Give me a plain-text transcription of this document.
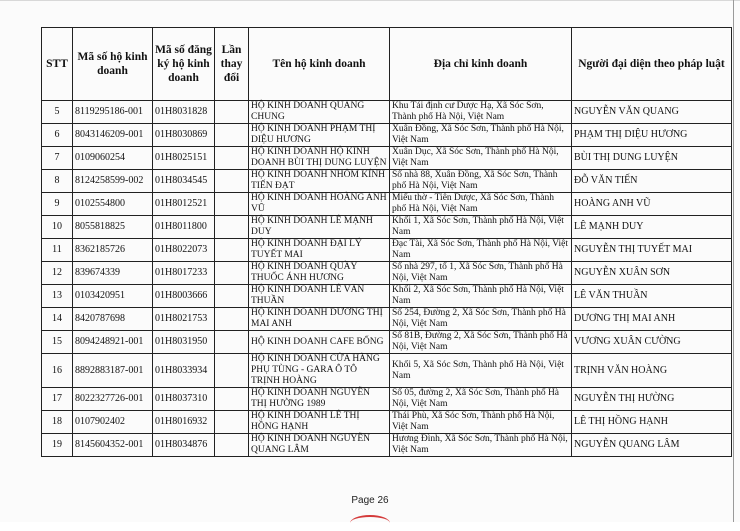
STT	Mã số hộ kinh doanh	Mã số đăng ký hộ kinh doanh	Lần thay đổi	Tên hộ kinh doanh	Địa chỉ kinh doanh	Người đại diện theo pháp luật
5	8119295186-001	01H8031828		HỘ KINH DOANH QUANG CHUNG	Khu Tái định cư Dược Hạ, Xã Sóc Sơn, Thành phố Hà Nội, Việt Nam	NGUYỄN VĂN QUANG
6	8043146209-001	01H8030869		HỘ KINH DOANH PHẠM THỊ DIỆU HƯƠNG	Xuân Đồng, Xã Sóc Sơn, Thành phố Hà Nội, Việt Nam	PHẠM THỊ DIỆU HƯƠNG
7	0109060254	01H8025151		HỘ KINH DOANH HỘ KINH DOANH BÙI THỊ DUNG LUYỆN	Xuân Dục, Xã Sóc Sơn, Thành phố Hà Nội, Việt Nam	BÙI THỊ DUNG LUYỆN
8	8124258599-002	01H8034545		HỘ KINH DOANH NHÔM KÍNH TIẾN ĐẠT	Số nhà 88, Xuân Đồng, Xã Sóc Sơn, Thành phố Hà Nội, Việt Nam	ĐỖ VĂN TIẾN
9	0102554800	01H8012521		HỘ KINH DOANH HOÀNG ANH VŨ	Miếu thờ - Tiên Dược, Xã Sóc Sơn, Thành phố Hà Nội, Việt Nam	HOÀNG ANH VŨ
10	8055818825	01H8011800		HỘ KINH DOANH LÊ MẠNH DUY	Khối 1, Xã Sóc Sơn, Thành phố Hà Nội, Việt Nam	LÊ MẠNH DUY
11	8362185726	01H8022073		HỘ KINH DOANH ĐẠI LÝ TUYẾT MAI	Đạc Tài, Xã Sóc Sơn, Thành phố Hà Nội, Việt Nam	NGUYỄN THỊ TUYẾT MAI
12	839674339	01H8017233		HỘ KINH DOANH QUẦY THUỐC ÁNH HƯƠNG	Số nhà 297, tổ 1, Xã Sóc Sơn, Thành phố Hà Nội, Việt Nam	NGUYỄN XUÂN SƠN
13	0103420951	01H8003666		HỘ KINH DOANH LÊ VĂN THUẦN	Khối 2, Xã Sóc Sơn, Thành phố Hà Nội, Việt Nam	LÊ VĂN THUẦN
14	8420787698	01H8021753		HỘ KINH DOANH DƯƠNG THỊ MAI ANH	Số 254, Đường 2, Xã Sóc Sơn, Thành phố Hà Nội, Việt Nam	DƯƠNG THỊ MAI ANH
15	8094248921-001	01H8031950		HỘ KINH DOANH CAFE BỐNG	Số 81B, Đường 2, Xã Sóc Sơn, Thành phố Hà Nội, Việt Nam	VƯƠNG XUÂN CƯỜNG
16	8892883187-001	01H8033934		HỘ KINH DOANH CỬA HÀNG PHỤ TÙNG - GARA Ô TÔ TRỊNH HOÀNG	Khối 5, Xã Sóc Sơn, Thành phố Hà Nội, Việt Nam	TRỊNH VĂN HOÀNG
17	8022327726-001	01H8037310		HỘ KINH DOANH NGUYỄN THỊ HƯỜNG 1989	Số 05, đường 2, Xã Sóc Sơn, Thành phố Hà Nội, Việt Nam	NGUYỄN THỊ HƯỜNG
18	0107902402	01H8016932		HỘ KINH DOANH LÊ THỊ HỒNG HẠNH	Thái Phù, Xã Sóc Sơn, Thành phố Hà Nội, Việt Nam	LÊ THỊ HỒNG HẠNH
19	8145604352-001	01H8034876		HỘ KINH DOANH NGUYỄN QUANG LÂM	Hương Đình, Xã Sóc Sơn, Thành phố Hà Nội, Việt Nam	NGUYỄN QUANG LÂM
Page 26
